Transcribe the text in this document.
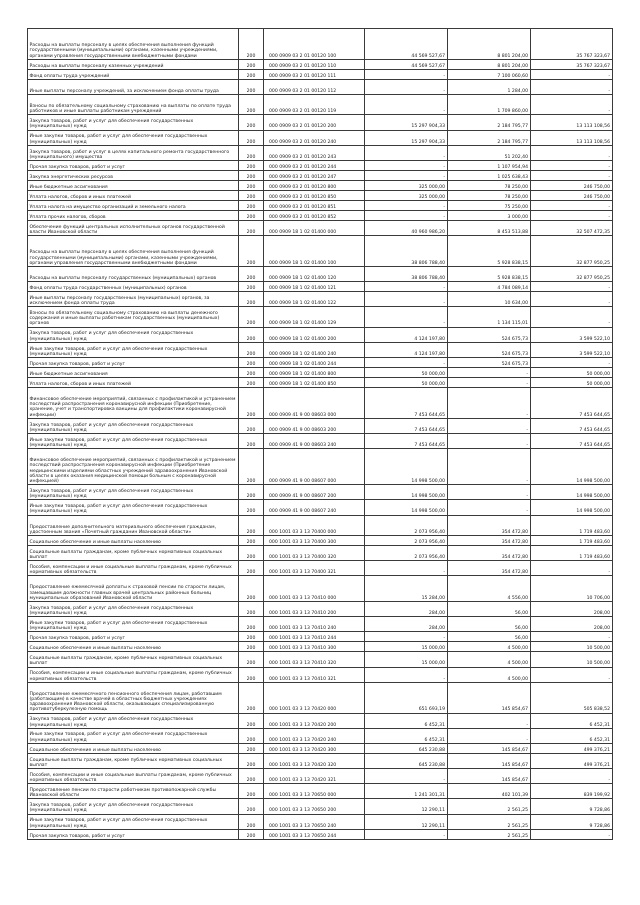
Расходы на выплаты персоналу в целях обеспечения выполнения функций государственными (муниципальными) органами, казенными учреждениями, органами управления государственными внебюджетными фондами	200	000 0909 03 2 01 00120 100	44 569 527,67	8 801 204,00	35 767 323,67
Расходы на выплаты персоналу казенных учреждений	200	000 0909 03 2 01 00120 110	44 569 527,67	8 801 204,00	35 767 323,67
Фонд оплаты труда учреждений	200	000 0909 03 2 01 00120 111	-	7 100 060,60	-
Иные выплаты персоналу учреждений, за исключением фонда оплаты труда	200	000 0909 03 2 01 00120 112	-	1 284,00	-
Взносы по обязательному социальному страхованию на выплаты по оплате труда работников и иные выплаты работникам учреждений	200	000 0909 03 2 01 00120 119	-	1 709 860,00	-
Закупка товаров, работ и услуг для обеспечения государственных (муниципальных) нужд	200	000 0909 03 2 01 00120 200	15 297 904,33	2 184 795,77	13 113 108,56
Иные закупки товаров, работ и услуг для обеспечения государственных (муниципальных) нужд	200	000 0909 03 2 01 00120 240	15 297 904,33	2 184 795,77	13 113 108,56
Закупка товаров, работ и услуг в целях капитального ремонта государственного (муниципального) имущества	200	000 0909 03 2 01 00120 243	-	51 202,40	-
Прочая закупка товаров, работ и услуг	200	000 0909 03 2 01 00120 244	-	1 107 954,94	-
Закупка энергетических ресурсов	200	000 0909 03 2 01 00120 247	-	1 025 638,43	-
Иные бюджетные ассигнования	200	000 0909 03 2 01 00120 800	325 000,00	78 250,00	246 750,00
Уплата налогов, сборов и иных платежей	200	000 0909 03 2 01 00120 850	325 000,00	78 250,00	246 750,00
Уплата налога на имущество организаций и земельного налога	200	000 0909 03 2 01 00120 851	-	75 250,00	-
Уплата прочих налогов, сборов	200	000 0909 03 2 01 00120 852	-	3 000,00	-
Обеспечение функций центральных исполнительных органов государственной власти Ивановской области	200	000 0909 18 1 02 01400 000	40 960 986,20	8 453 513,88	32 507 472,35
Расходы на выплаты персоналу в целях обеспечения выполнения функций государственными (муниципальными) органами, казенными учреждениями, органами управления государственными внебюджетными фондами	200	000 0909 18 1 02 01400 100	38 806 788,40	5 928 838,15	32 877 950,25
Расходы на выплаты персоналу государственных (муниципальных) органов	200	000 0909 18 1 02 01400 120	38 806 788,40	5 928 838,15	32 877 950,25
Фонд оплаты труда государственных (муниципальных) органов	200	000 0909 18 1 02 01400 121	-	4 784 089,14	-
Иные выплаты персоналу государственных (муниципальных) органов, за исключением фонда оплаты труда	200	000 0909 18 1 02 01400 122	-	10 634,00	-
Взносы по обязательному социальному страхованию на выплаты денежного содержания и иные выплаты работникам государственных (муниципальных) органов	200	000 0909 18 1 02 01400 129	-	1 134 115,01	-
Закупка товаров, работ и услуг для обеспечения государственных (муниципальных) нужд	200	000 0909 18 1 02 01400 200	4 124 197,80	524 675,73	3 599 522,10
Иные закупки товаров, работ и услуг для обеспечения государственных (муниципальных) нужд	200	000 0909 18 1 02 01400 240	4 124 197,80	524 675,73	3 599 522,10
Прочая закупка товаров, работ и услуг	200	000 0909 18 1 02 01400 244	-	524 675,73	-
Иные бюджетные ассигнования	200	000 0909 18 1 02 01400 800	50 000,00	-	50 000,00
Уплата налогов, сборов и иных платежей	200	000 0909 18 1 02 01400 850	50 000,00	-	50 000,00
Финансовое обеспечение мероприятий, связанных с профилактикой и устранением последствий распространения коронавирусной инфекции (Приобретение, хранение, учет и транспортировка вакцины для профилактики коронавирусной инфекции)	200	000 0909 41 9 00 08603 000	7 453 644,65	-	7 453 644,65
Закупка товаров, работ и услуг для обеспечения государственных (муниципальных) нужд	200	000 0909 41 9 00 08603 200	7 453 644,65	-	7 453 644,65
Иные закупки товаров, работ и услуг для обеспечения государственных (муниципальных) нужд	200	000 0909 41 9 00 08603 240	7 453 644,65	-	7 453 644,65
Финансовое обеспечение мероприятий, связанных с профилактикой и устранением последствий распространения коронавирусной инфекции (Приобретение медицинскими изделиями областных учреждений здравоохранения Ивановской области в целях оказания медицинской помощи больным с коронавирусной инфекцией)	200	000 0909 41 9 00 08607 000	14 998 500,00	-	14 998 500,00
Закупка товаров, работ и услуг для обеспечения государственных (муниципальных) нужд	200	000 0909 41 9 00 08607 200	14 998 500,00	-	14 998 500,00
Иные закупки товаров, работ и услуг для обеспечения государственных (муниципальных) нужд	200	000 0909 41 9 00 08607 240	14 998 500,00	-	14 998 500,00
Предоставление дополнительного материального обеспечения гражданам, удостоенным звания «Почетный гражданин Ивановской области»	200	000 1001 03 3 13 70400 000	2 073 956,40	354 472,80	1 719 483,60
Социальное обеспечение и иные выплаты населению	200	000 1001 03 3 13 70400 300	2 073 956,40	354 472,80	1 719 483,60
Социальные выплаты гражданам, кроме публичных нормативных социальных выплат	200	000 1001 03 3 13 70400 320	2 073 956,40	354 472,80	1 719 483,60
Пособия, компенсации и иные социальные выплаты гражданам, кроме публичных нормативных обязательств	200	000 1001 03 3 13 70400 321	-	354 472,80	-
Предоставление ежемесячной доплаты к страховой пенсии по старости лицам, замещавшим должности главных врачей центральных районных больниц муниципальных образований Ивановской области	200	000 1001 03 3 13 70410 000	15 284,00	4 556,00	10 706,00
Закупка товаров, работ и услуг для обеспечения государственных (муниципальных) нужд	200	000 1001 03 3 13 70410 200	284,00	56,00	208,00
Иные закупки товаров, работ и услуг для обеспечения государственных (муниципальных) нужд	200	000 1001 03 3 13 70410 240	284,00	56,00	208,00
Прочая закупка товаров, работ и услуг	200	000 1001 03 3 13 70410 244	-	56,00	-
Социальное обеспечение и иные выплаты населению	200	000 1001 03 3 13 70410 300	15 000,00	4 500,00	10 500,00
Социальные выплаты гражданам, кроме публичных нормативных социальных выплат	200	000 1001 03 3 13 70410 320	15 000,00	4 500,00	10 500,00
Пособия, компенсации и иные социальные выплаты гражданам, кроме публичных нормативных обязательств	200	000 1001 03 3 13 70410 321	-	4 500,00	-
Предоставление ежемесячного пенсионного обеспечения лицам, работавшим (работающим) в качестве врачей в областных бюджетных учреждениях здравоохранения Ивановской области, оказывающих специализированную противотуберкулезную помощь	200	000 1001 03 3 13 70420 000	651 693,19	145 854,67	505 838,52
Закупка товаров, работ и услуг для обеспечения государственных (муниципальных) нужд	200	000 1001 03 3 13 70420 200	6 452,31	-	6 452,31
Иные закупки товаров, работ и услуг для обеспечения государственных (муниципальных) нужд	200	000 1001 03 3 13 70420 240	6 452,31	-	6 452,31
Социальное обеспечение и иные выплаты населению	200	000 1001 03 3 13 70420 300	645 230,88	145 854,67	499 376,21
Социальные выплаты гражданам, кроме публичных нормативных социальных выплат	200	000 1001 03 3 13 70420 320	645 230,88	145 854,67	499 376,21
Пособия, компенсации и иные социальные выплаты гражданам, кроме публичных нормативных обязательств	200	000 1001 03 3 13 70420 321	-	145 854,67	-
Предоставление пенсии по старости работникам противопожарной службы Ивановской области	200	000 1001 03 3 13 70650 000	1 241 301,31	402 101,39	839 199,92
Закупка товаров, работ и услуг для обеспечения государственных (муниципальных) нужд	200	000 1001 03 3 13 70650 200	12 290,11	2 561,25	9 728,86
Иные закупки товаров, работ и услуг для обеспечения государственных (муниципальных) нужд	200	000 1001 03 3 13 70650 240	12 290,11	2 561,25	9 728,86
Прочая закупка товаров, работ и услуг	200	000 1001 03 3 13 70650 244	-	2 561,25	-
